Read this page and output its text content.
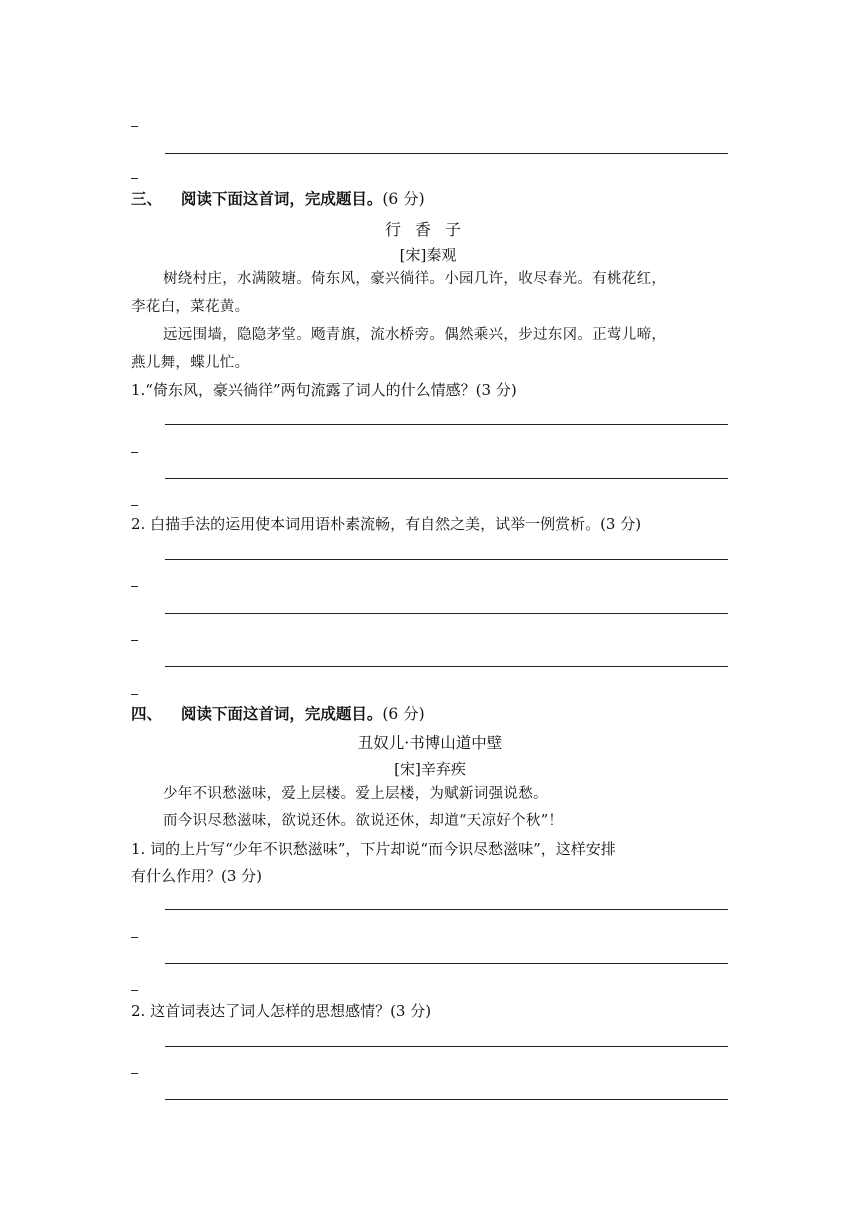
三、 阅读下面这首词，完成题目。(6 分)
行香子
[宋]秦观
树绕村庄，水满陂塘。倚东风，豪兴徜徉。小园几许，收尽春光。有桃花红，
李花白，菜花黄。
远远围墙，隐隐茅堂。飏青旗，流水桥旁。偶然乘兴，步过东冈。正莺儿啼，
燕儿舞，蝶儿忙。
1.“倚东风，豪兴徜徉”两句流露了词人的什么情感？(3 分)
2. 白描手法的运用使本词用语朴素流畅，有自然之美，试举一例赏析。(3 分)
四、 阅读下面这首词，完成题目。(6 分)
丑奴儿·书博山道中壁
[宋]辛弃疾
少年不识愁滋味，爱上层楼。爱上层楼，为赋新词强说愁。
而今识尽愁滋味，欲说还休。欲说还休，却道“天凉好个秋”！
1. 词的上片写“少年不识愁滋味”，下片却说“而今识尽愁滋味”，这样安排
有什么作用？(3 分)
2. 这首词表达了词人怎样的思想感情？(3 分)
